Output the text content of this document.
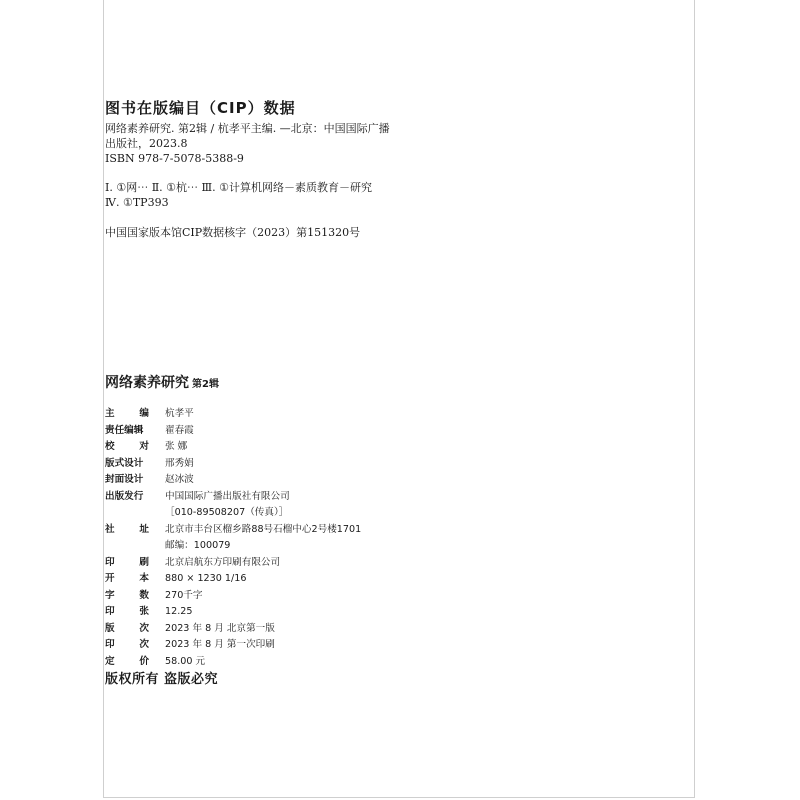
图书在版编目（CIP）数据
网络素养研究. 第2辑 / 杭孝平主编. —北京：中国国际广播
出版社，2023.8
ISBN 978-7-5078-5388-9
Ⅰ. ①网⋯ Ⅱ. ①杭⋯ Ⅲ. ①计算机网络－素质教育－研究
Ⅳ. ①TP393
中国国家版本馆CIP数据核字（2023）第151320号
网络素养研究 第2辑
主	编 杭孝平
责任编辑	翟春霞
校	对 张 娜
版式设计	邢秀娟
封面设计	赵冰波
出版发行	中国国际广播出版社有限公司
［010-89508207（传真）］
社	址 北京市丰台区榴乡路88号石榴中心2号楼1701
邮编：100079
印	刷 北京启航东方印刷有限公司
开	本 880 × 1230 1/16
字	数 270千字
印	张 12.25
版	次 2023 年 8 月 北京第一版
印	次 2023 年 8 月 第一次印刷
定	价 58.00 元
版权所有 盗版必究
